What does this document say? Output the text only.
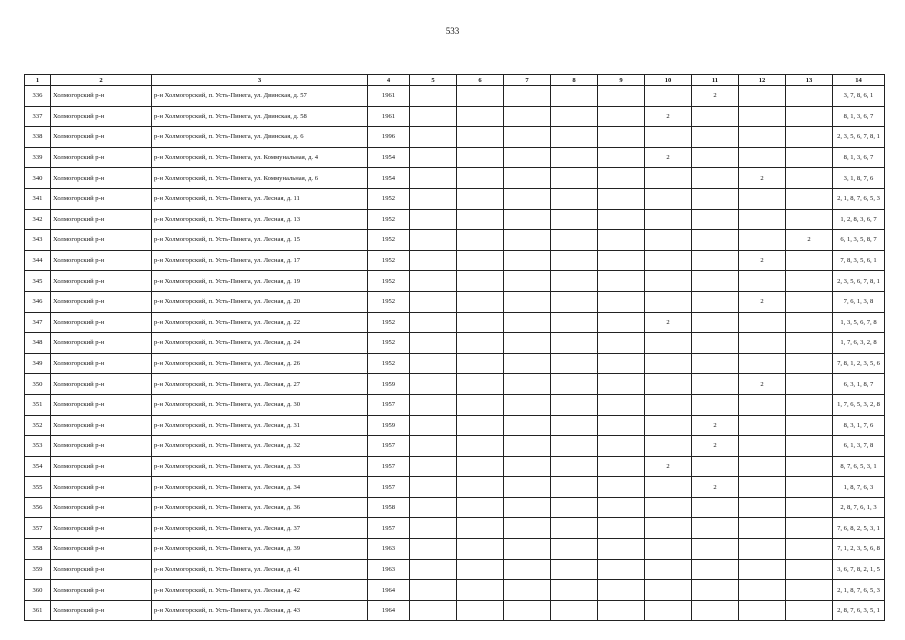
533
1	2	3	4	5	6	7	8	9	10	11	12	13	14
336	Холмогорский р-н	р-н Холмогорский, п. Усть-Пинега, ул. Двинская, д. 57	1961							2			3, 7, 8, 6, 1
337	Холмогорский р-н	р-н Холмогорский, п. Усть-Пинега, ул. Двинская, д. 58	1961						2				8, 1, 3, 6, 7
338	Холмогорский р-н	р-н Холмогорский, п. Усть-Пинега, ул. Двинская, д. 6	1996										2, 3, 5, 6, 7, 8, 1
339	Холмогорский р-н	р-н Холмогорский, п. Усть-Пинега, ул. Коммунальная, д. 4	1954						2				8, 1, 3, 6, 7
340	Холмогорский р-н	р-н Холмогорский, п. Усть-Пинега, ул. Коммунальная, д. 6	1954								2		3, 1, 8, 7, 6
341	Холмогорский р-н	р-н Холмогорский, п. Усть-Пинега, ул. Лесная, д. 11	1952										2, 1, 8, 7, 6, 5, 3
342	Холмогорский р-н	р-н Холмогорский, п. Усть-Пинега, ул. Лесная, д. 13	1952										1, 2, 8, 3, 6, 7
343	Холмогорский р-н	р-н Холмогорский, п. Усть-Пинега, ул. Лесная, д. 15	1952									2	6, 1, 3, 5, 8, 7
344	Холмогорский р-н	р-н Холмогорский, п. Усть-Пинега, ул. Лесная, д. 17	1952								2		7, 8, 3, 5, 6, 1
345	Холмогорский р-н	р-н Холмогорский, п. Усть-Пинега, ул. Лесная, д. 19	1952										2, 3, 5, 6, 7, 8, 1
346	Холмогорский р-н	р-н Холмогорский, п. Усть-Пинега, ул. Лесная, д. 20	1952								2		7, 6, 1, 3, 8
347	Холмогорский р-н	р-н Холмогорский, п. Усть-Пинега, ул. Лесная, д. 22	1952						2				1, 3, 5, 6, 7, 8
348	Холмогорский р-н	р-н Холмогорский, п. Усть-Пинега, ул. Лесная, д. 24	1952										1, 7, 6, 3, 2, 8
349	Холмогорский р-н	р-н Холмогорский, п. Усть-Пинега, ул. Лесная, д. 26	1952										7, 8, 1, 2, 3, 5, 6
350	Холмогорский р-н	р-н Холмогорский, п. Усть-Пинега, ул. Лесная, д. 27	1959								2		6, 3, 1, 8, 7
351	Холмогорский р-н	р-н Холмогорский, п. Усть-Пинега, ул. Лесная, д. 30	1957										1, 7, 6, 5, 3, 2, 8
352	Холмогорский р-н	р-н Холмогорский, п. Усть-Пинега, ул. Лесная, д. 31	1959							2			8, 3, 1, 7, 6
353	Холмогорский р-н	р-н Холмогорский, п. Усть-Пинега, ул. Лесная, д. 32	1957							2			6, 1, 3, 7, 8
354	Холмогорский р-н	р-н Холмогорский, п. Усть-Пинега, ул. Лесная, д. 33	1957						2				8, 7, 6, 5, 3, 1
355	Холмогорский р-н	р-н Холмогорский, п. Усть-Пинега, ул. Лесная, д. 34	1957							2			1, 8, 7, 6, 3
356	Холмогорский р-н	р-н Холмогорский, п. Усть-Пинега, ул. Лесная, д. 36	1958										2, 8, 7, 6, 1, 3
357	Холмогорский р-н	р-н Холмогорский, п. Усть-Пинега, ул. Лесная, д. 37	1957										7, 6, 8, 2, 5, 3, 1
358	Холмогорский р-н	р-н Холмогорский, п. Усть-Пинега, ул. Лесная, д. 39	1963										7, 1, 2, 3, 5, 6, 8
359	Холмогорский р-н	р-н Холмогорский, п. Усть-Пинега, ул. Лесная, д. 41	1963										3, 6, 7, 8, 2, 1, 5
360	Холмогорский р-н	р-н Холмогорский, п. Усть-Пинега, ул. Лесная, д. 42	1964										2, 1, 8, 7, 6, 5, 3
361	Холмогорский р-н	р-н Холмогорский, п. Усть-Пинега, ул. Лесная, д. 43	1964										2, 8, 7, 6, 3, 5, 1
